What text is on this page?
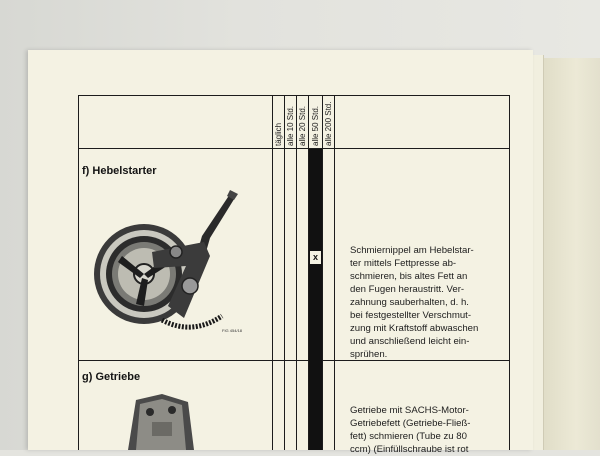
täglich alle 10 Std. alle 20 Std. alle 50 Std. alle 200 Std.
f) Hebelstarter
x
FIG 454/18
Schmiernippel am Hebelstar-
ter mittels Fettpresse ab-
schmieren, bis altes Fett an
den Fugen heraustritt. Ver-
zahnung sauberhalten, d. h.
bei festgestellter Verschmut-
zung mit Kraftstoff abwaschen
und anschließend leicht ein-
sprühen.
g) Getriebe
Getriebe mit SACHS-Motor-
Getriebefett (Getriebe-Fließ-
fett) schmieren (Tube zu 80
ccm) (Einfüllschraube ist rot
